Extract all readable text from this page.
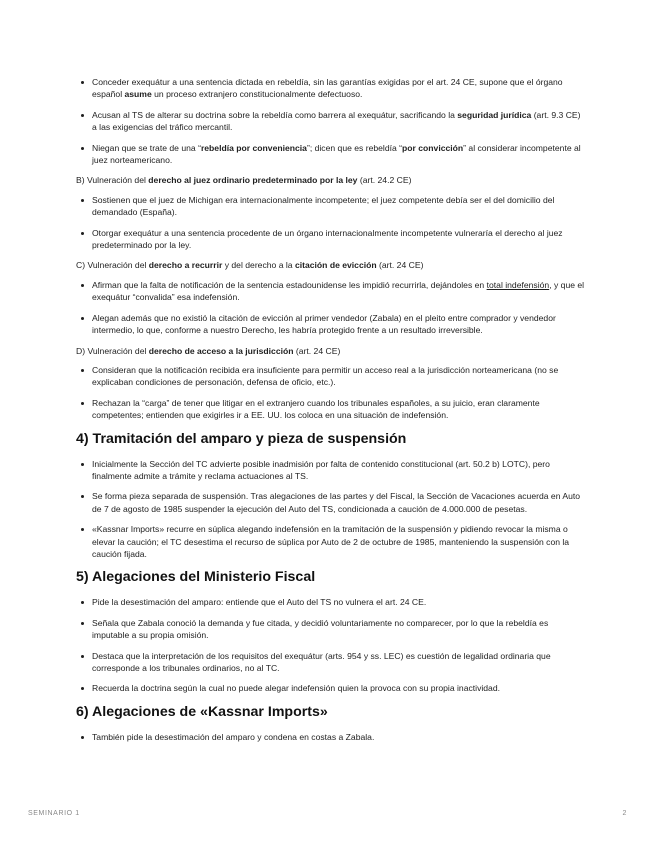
Conceder exequátur a una sentencia dictada en rebeldía, sin las garantías exigidas por el art. 24 CE, supone que el órgano español asume un proceso extranjero constitucionalmente defectuoso.
Acusan al TS de alterar su doctrina sobre la rebeldía como barrera al exequátur, sacrificando la seguridad jurídica (art. 9.3 CE) a las exigencias del tráfico mercantil.
Niegan que se trate de una “rebeldía por conveniencia”; dicen que es rebeldía “por convicción” al considerar incompetente al juez norteamericano.
B) Vulneración del derecho al juez ordinario predeterminado por la ley (art. 24.2 CE)
Sostienen que el juez de Michigan era internacionalmente incompetente; el juez competente debía ser el del domicilio del demandado (España).
Otorgar exequátur a una sentencia procedente de un órgano internacionalmente incompetente vulneraría el derecho al juez predeterminado por la ley.
C) Vulneración del derecho a recurrir y del derecho a la citación de evicción (art. 24 CE)
Afirman que la falta de notificación de la sentencia estadounidense les impidió recurrirla, dejándoles en total indefensión, y que el exequátur “convalida” esa indefensión.
Alegan además que no existió la citación de evicción al primer vendedor (Zabala) en el pleito entre comprador y vendedor intermedio, lo que, conforme a nuestro Derecho, les habría protegido frente a un resultado irreversible.
D) Vulneración del derecho de acceso a la jurisdicción (art. 24 CE)
Consideran que la notificación recibida era insuficiente para permitir un acceso real a la jurisdicción norteamericana (no se explicaban condiciones de personación, defensa de oficio, etc.).
Rechazan la “carga” de tener que litigar en el extranjero cuando los tribunales españoles, a su juicio, eran claramente competentes; entienden que exigirles ir a EE. UU. los coloca en una situación de indefensión.
4) Tramitación del amparo y pieza de suspensión
Inicialmente la Sección del TC advierte posible inadmisión por falta de contenido constitucional (art. 50.2 b) LOTC), pero finalmente admite a trámite y reclama actuaciones al TS.
Se forma pieza separada de suspensión. Tras alegaciones de las partes y del Fiscal, la Sección de Vacaciones acuerda en Auto de 7 de agosto de 1985 suspender la ejecución del Auto del TS, condicionada a caución de 4.000.000 de pesetas.
«Kassnar Imports» recurre en súplica alegando indefensión en la tramitación de la suspensión y pidiendo revocar la misma o elevar la caución; el TC desestima el recurso de súplica por Auto de 2 de octubre de 1985, manteniendo la suspensión con la caución fijada.
5) Alegaciones del Ministerio Fiscal
Pide la desestimación del amparo: entiende que el Auto del TS no vulnera el art. 24 CE.
Señala que Zabala conoció la demanda y fue citada, y decidió voluntariamente no comparecer, por lo que la rebeldía es imputable a su propia omisión.
Destaca que la interpretación de los requisitos del exequátur (arts. 954 y ss. LEC) es cuestión de legalidad ordinaria que corresponde a los tribunales ordinarios, no al TC.
Recuerda la doctrina según la cual no puede alegar indefensión quien la provoca con su propia inactividad.
6) Alegaciones de «Kassnar Imports»
También pide la desestimación del amparo y condena en costas a Zabala.
SEMINARIO 1	2
